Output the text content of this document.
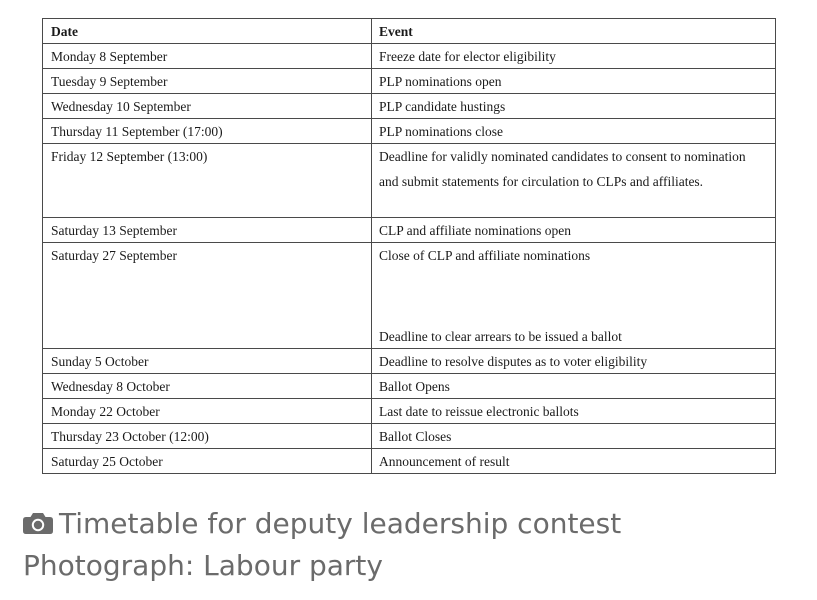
Date	Event
Monday 8 September	Freeze date for elector eligibility
Tuesday 9 September	PLP nominations open
Wednesday 10 September	PLP candidate hustings
Thursday 11 September (17:00)	PLP nominations close
Friday 12 September (13:00)	Deadline for validly nominated candidates to consent to nomination and submit statements for circulation to CLPs and affiliates.
Saturday 13 September	CLP and affiliate nominations open
Saturday 27 September	Close of CLP and affiliate nominations
Deadline to clear arrears to be issued a ballot
Sunday 5 October	Deadline to resolve disputes as to voter eligibility
Wednesday 8 October	Ballot Opens
Monday 22 October	Last date to reissue electronic ballots
Thursday 23 October (12:00)	Ballot Closes
Saturday 25 October	Announcement of result
Timetable for deputy leadership contest
Photograph: Labour party
